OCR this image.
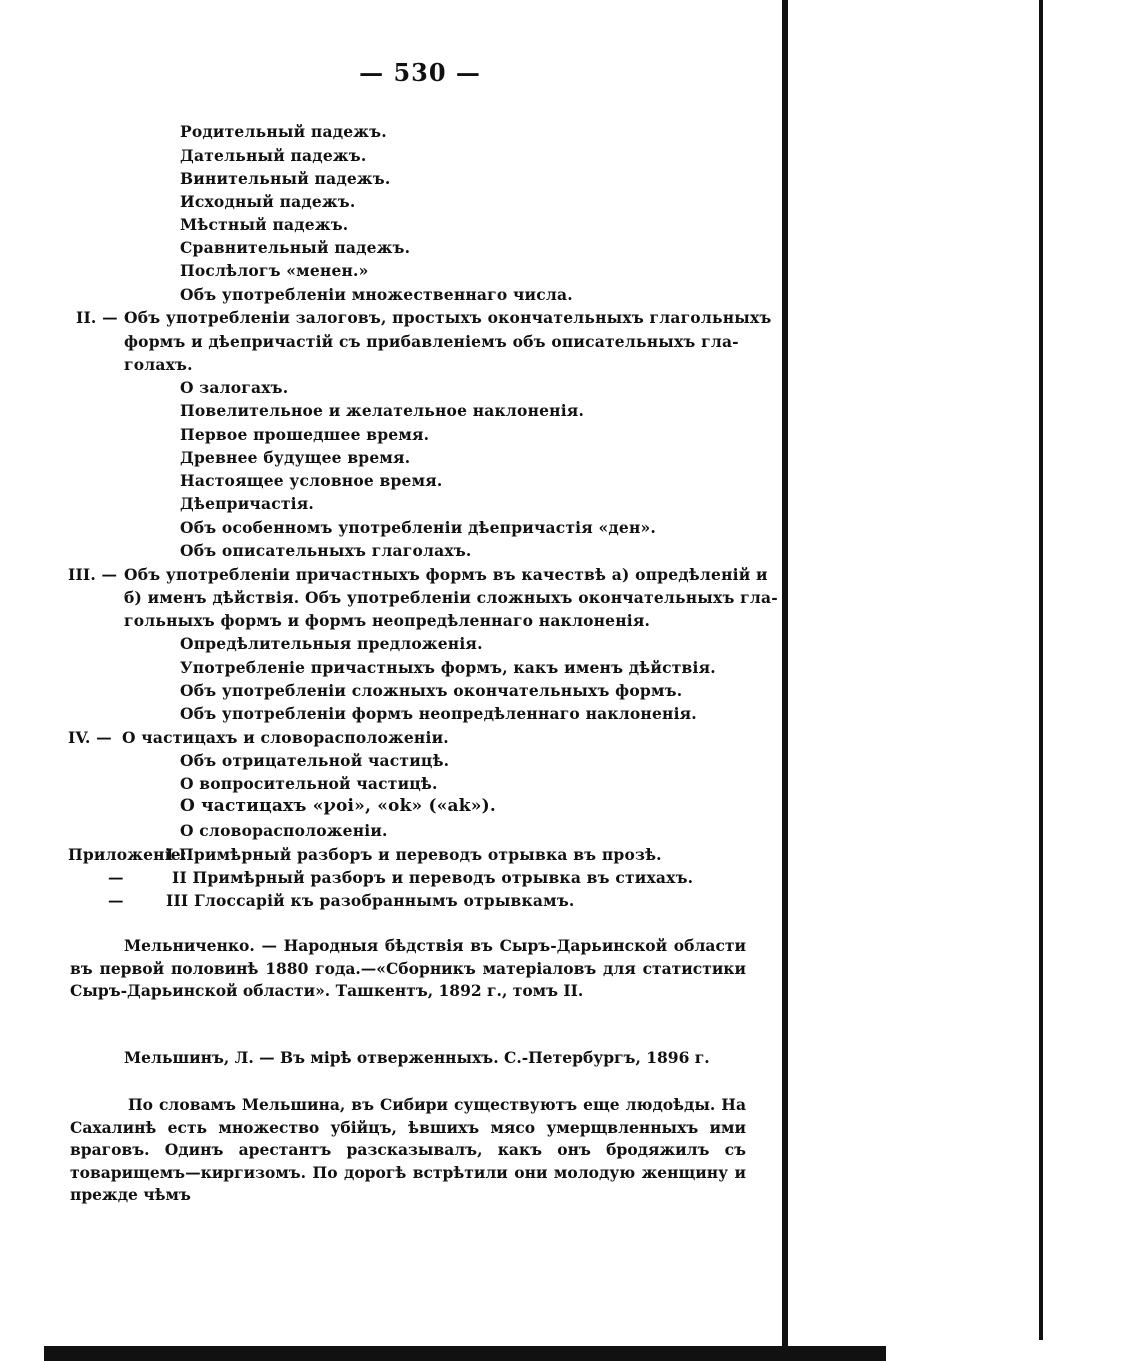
— 530 —
Родительный падежъ.
Дательный падежъ.
Винительный падежъ.
Исходный падежъ.
Мѣстный падежъ.
Сравнительный падежъ.
Послѣлогъ «менен.»
Объ употребленіи множественнаго числа.
II. — Объ употребленіи залоговъ, простыхъ окончательныхъ глагольныхъ
формъ и дѣепричастій съ прибавленіемъ объ описательныхъ гла-
голахъ.
О залогахъ.
Повелительное и желательное наклоненія.
Первое прошедшее время.
Древнее будущее время.
Настоящее условное время.
Дѣепричастія.
Объ особенномъ употребленіи дѣепричастія «ден».
Объ описательныхъ глаголахъ.
III. — Объ употребленіи причастныхъ формъ въ качествѣ а) опредѣленій и
б) именъ дѣйствія. Объ употребленіи сложныхъ окончательныхъ гла-
гольныхъ формъ и формъ неопредѣленнаго наклоненія.
Опредѣлительныя предложенія.
Употребленіе причастныхъ формъ, какъ именъ дѣйствія.
Объ употребленіи сложныхъ окончательныхъ формъ.
Объ употребленіи формъ неопредѣленнаго наклоненія.
IV. — О частицахъ и словорасположеніи.
Объ отрицательной частицѣ.
О вопросительной частицѣ.
О частицахъ «ꝩoi», «ok» («ak»).
О словорасположеніи.
Приложеніе:
I Примѣрный разборъ и переводъ отрывка въ прозѣ.
—	II Примѣрный разборъ и переводъ отрывка въ стихахъ.
—	III Глоссарій къ разобраннымъ отрывкамъ.
Мельниченко. — Народныя бѣдствія въ Сыръ-Дарьинской области въ первой половинѣ 1880 года.—«Сборникъ матеріаловъ для статистики Сыръ-Дарьинской области». Ташкентъ, 1892 г., томъ II.
Мельшинъ, Л. — Въ мірѣ отверженныхъ. С.-Петербургъ, 1896 г.
По словамъ Мельшина, въ Сибири существуютъ еще людоѣды. На Сахалинѣ есть множество убійцъ, ѣвшихъ мясо умерщвленныхъ ими враговъ. Одинъ арестантъ разсказывалъ, какъ онъ бродяжилъ съ товарищемъ—киргизомъ. По дорогѣ встрѣтили они молодую женщину и прежде чѣмъ
